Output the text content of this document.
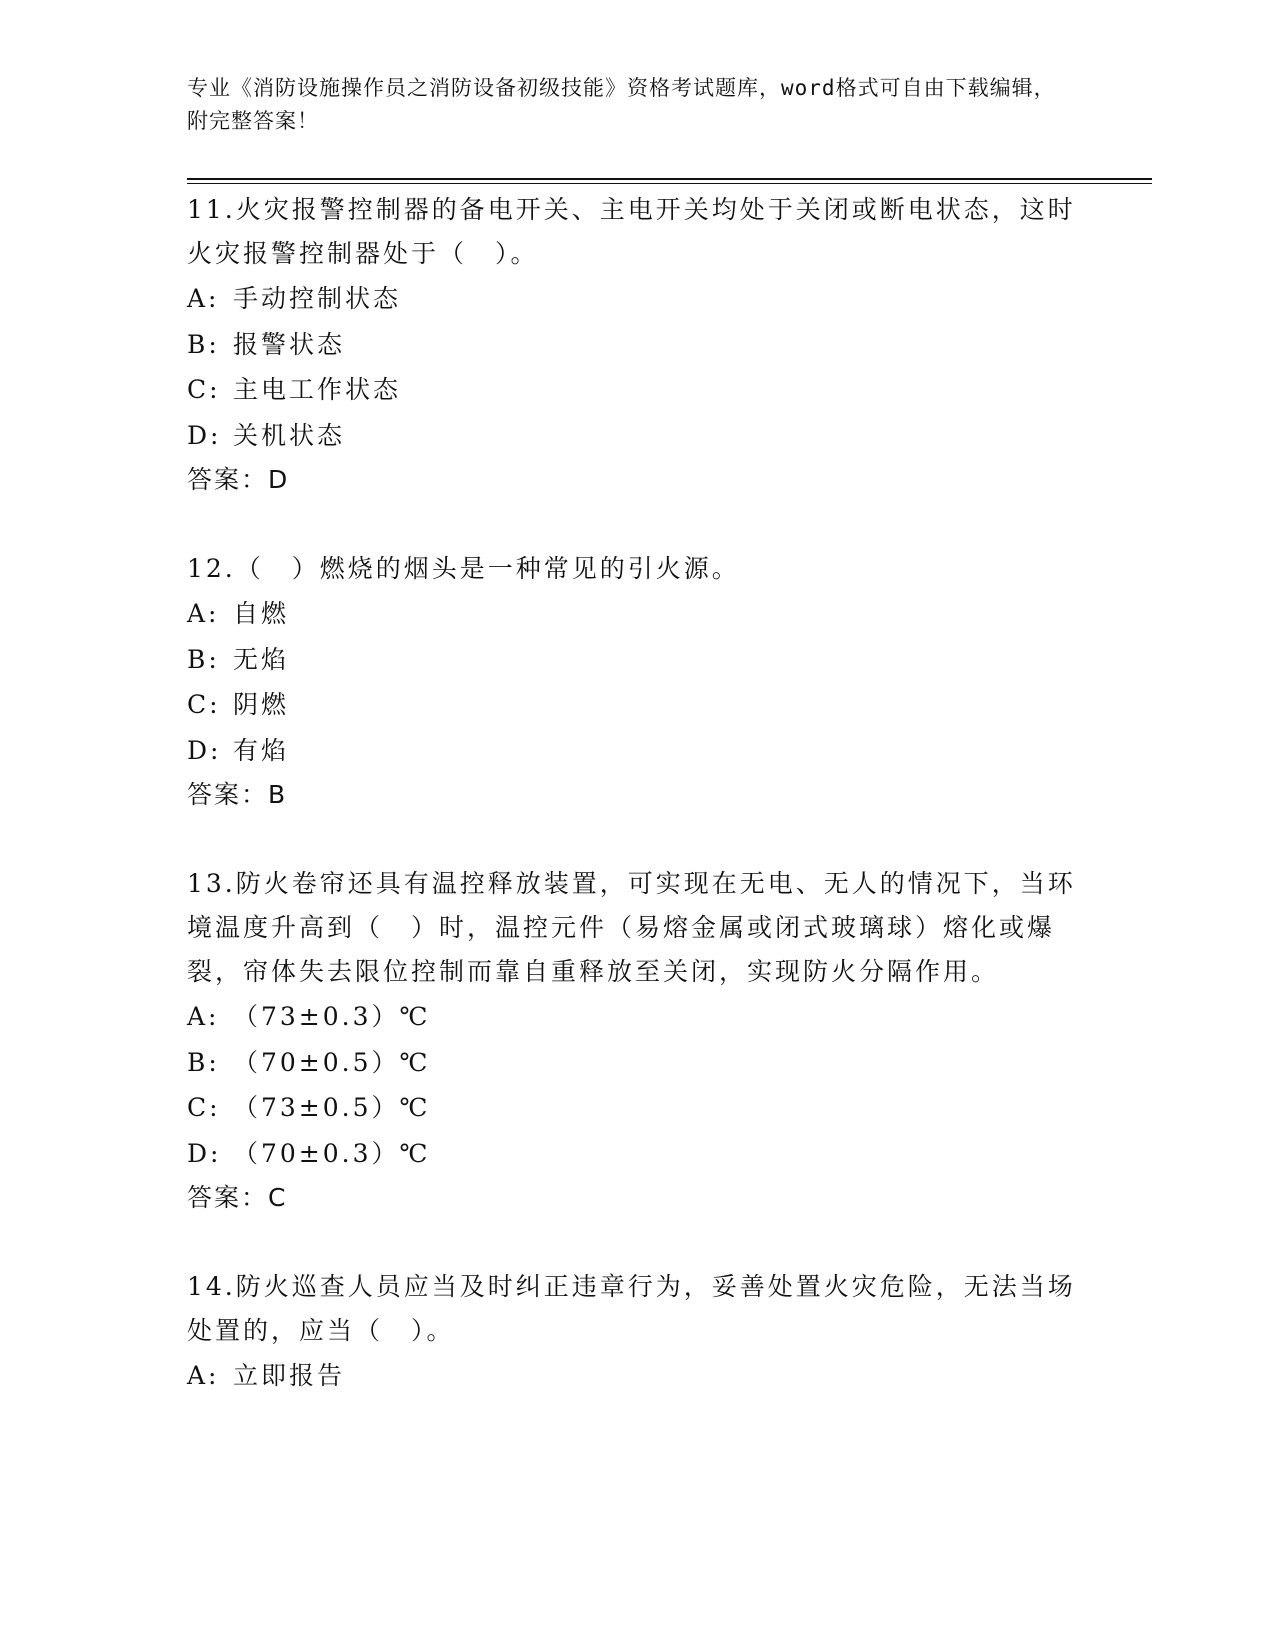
专业《消防设施操作员之消防设备初级技能》资格考试题库，word格式可自由下载编辑，附完整答案！

11.火灾报警控制器的备电开关、主电开关均处于关闭或断电状态，这时火灾报警控制器处于（　）。

A: 手动控制状态
B: 报警状态
C: 主电工作状态
D: 关机状态

答案：D

12.（　）燃烧的烟头是一种常见的引火源。

A: 自燃
B: 无焰
C: 阴燃
D: 有焰

答案：B

13.防火卷帘还具有温控释放装置，可实现在无电、无人的情况下，当环境温度升高到（　）时，温控元件（易熔金属或闭式玻璃球）熔化或爆裂，帘体失去限位控制而靠自重释放至关闭，实现防火分隔作用。

A: （73±0.3）℃
B: （70±0.5）℃
C: （73±0.5）℃
D: （70±0.3）℃

答案：C

14.防火巡查人员应当及时纠正违章行为，妥善处置火灾危险，无法当场处置的，应当（　）。

A: 立即报告
